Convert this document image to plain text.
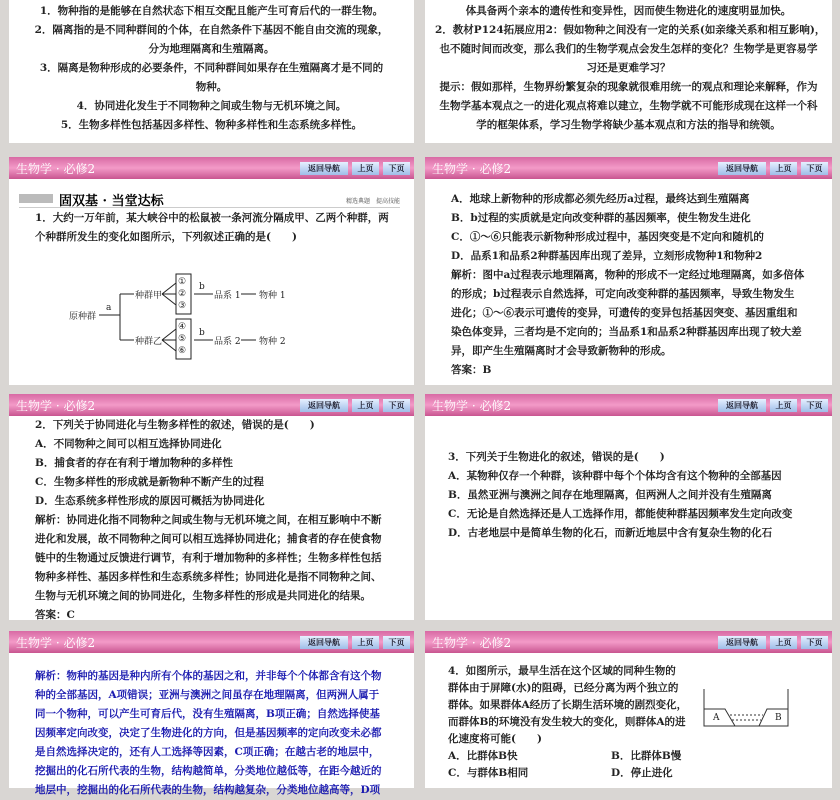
1．物种指的是能够在自然状态下相互交配且能产生可育后代的一群生物。
2．隔离指的是不同种群间的个体，在自然条件下基因不能自由交流的现象，
分为地理隔离和生殖隔离。
3．隔离是物种形成的必要条件，不同种群间如果存在生殖隔离才是不同的
物种。
4．协同进化发生于不同物种之间或生物与无机环境之间。
5．生物多样性包括基因多样性、物种多样性和生态系统多样性。
体具备两个亲本的遗传性和变异性，因而使生物进化的速度明显加快。
2．教材P124拓展应用2：假如物种之间没有一定的关系(如亲缘关系和相互影响)，
也不随时间而改变，那么我们的生物学观点会发生怎样的变化？生物学是更容易学
习还是更难学习？
提示：假如那样，生物界纷繁复杂的现象就很难用统一的观点和理论来解释，作为
生物学基本观点之一的进化观点将难以建立，生物学就不可能形成现在这样一个科
学的框架体系，学习生物学将缺少基本观点和方法的指导和统领。
生物学 · 必修2	返回导航	上页	下页
固双基 · 当堂达标	精选典题　提高技能
1．大约一万年前，某大峡谷中的松鼠被一条河流分隔成甲、乙两个种群，两
个种群所发生的变化如图所示，下列叙述正确的是(　　)
原种群
a
种群甲
种群乙
①
②
③
④
⑤
⑥
b
b
品系 1
品系 2
物种 1
物种 2
生物学 · 必修2	返回导航	上页	下页
A．地球上新物种的形成都必须先经历a过程，最终达到生殖隔离
B．b过程的实质就是定向改变种群的基因频率，使生物发生进化
C．①～⑥只能表示新物种形成过程中，基因突变是不定向和随机的
D．品系1和品系2种群基因库出现了差异，立刻形成物种1和物种2
解析：图中a过程表示地理隔离，物种的形成不一定经过地理隔离，如多倍体
的形成；b过程表示自然选择，可定向改变种群的基因频率，导致生物发生
进化；①～⑥表示可遗传的变异，可遗传的变异包括基因突变、基因重组和
染色体变异，三者均是不定向的；当品系1和品系2种群基因库出现了较大差
异，即产生生殖隔离时才会导致新物种的形成。
答案：B
生物学 · 必修2	返回导航	上页	下页
2．下列关于协同进化与生物多样性的叙述，错误的是(　　)
A．不同物种之间可以相互选择协同进化
B．捕食者的存在有利于增加物种的多样性
C．生物多样性的形成就是新物种不断产生的过程
D．生态系统多样性形成的原因可概括为协同进化
解析：协同进化指不同物种之间或生物与无机环境之间，在相互影响中不断
进化和发展，故不同物种之间可以相互选择协同进化；捕食者的存在使食物
链中的生物通过反馈进行调节，有利于增加物种的多样性；生物多样性包括
物种多样性、基因多样性和生态系统多样性；协同进化是指不同物种之间、
生物与无机环境之间的协同进化，生物多样性的形成是共同进化的结果。
答案：C
生物学 · 必修2	返回导航	上页	下页
3．下列关于生物进化的叙述，错误的是(　　)
A．某物种仅存一个种群，该种群中每个个体均含有这个物种的全部基因
B．虽然亚洲与澳洲之间存在地理隔离，但两洲人之间并没有生殖隔离
C．无论是自然选择还是人工选择作用，都能使种群基因频率发生定向改变
D．古老地层中是简单生物的化石，而新近地层中含有复杂生物的化石
生物学 · 必修2	返回导航	上页	下页
解析：物种的基因是种内所有个体的基因之和，并非每个个体都含有这个物
种的全部基因，A项错误；亚洲与澳洲之间虽存在地理隔离，但两洲人属于
同一个物种，可以产生可育后代，没有生殖隔离，B项正确；自然选择使基
因频率定向改变，决定了生物进化的方向，但是基因频率的定向改变未必都
是自然选择决定的，还有人工选择等因素，C项正确；在越古老的地层中，
挖掘出的化石所代表的生物，结构越简单，分类地位越低等，在距今越近的
地层中，挖掘出的化石所代表的生物，结构越复杂，分类地位越高等，D项
生物学 · 必修2	返回导航	上页	下页
4．如图所示，最早生活在这个区域的同种生物的
群体由于屏障(水)的阻碍，已经分离为两个独立的
群体。如果群体A经历了长期生活环境的剧烈变化，
而群体B的环境没有发生较大的变化，则群体A的进
化速度将可能(　　)
A．比群体B快	B．比群体B慢
C．与群体B相同	D．停止进化
A	B
